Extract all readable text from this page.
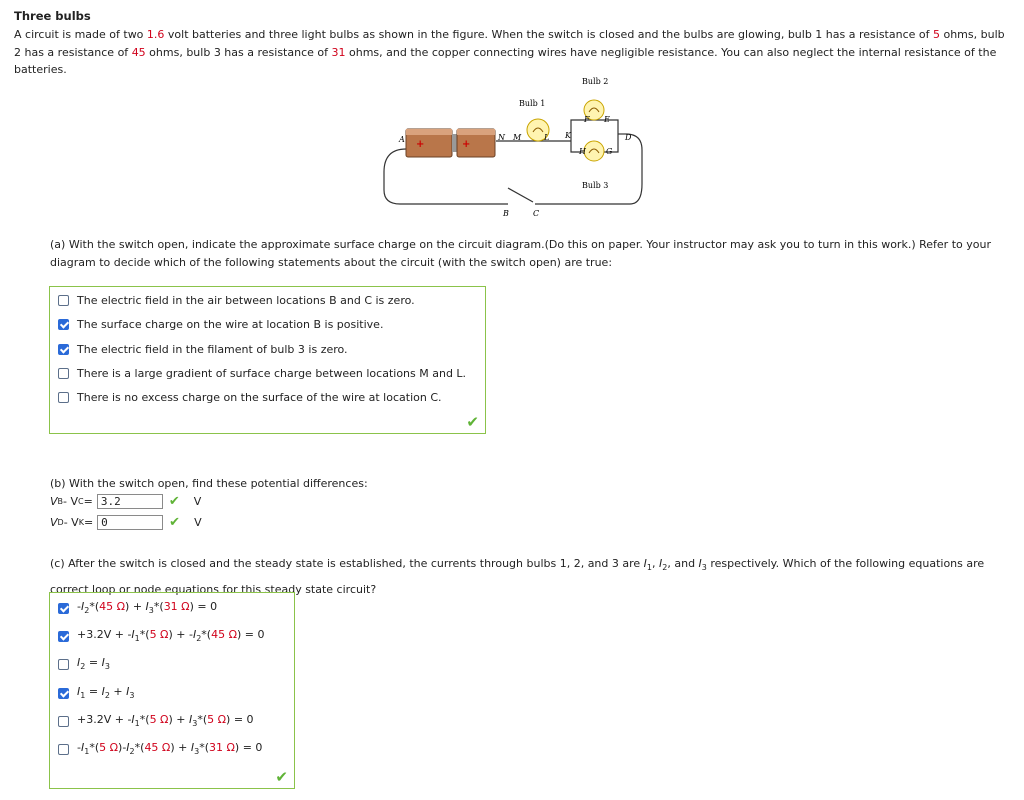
Three bulbs
A circuit is made of two 1.6 volt batteries and three light bulbs as shown in the figure. When the switch is closed and the bulbs are glowing, bulb 1 has a resistance of 5 ohms, bulb 2 has a resistance of 45 ohms, bulb 3 has a resistance of 31 ohms, and the copper connecting wires have negligible resistance. You can also neglect the internal resistance of the batteries.
+	+
Bulb 1
Bulb 2
Bulb 3
A	N M	L K
F E
D
H	G
B	C
(a) With the switch open, indicate the approximate surface charge on the circuit diagram.(Do this on paper. Your instructor may ask you to turn in this work.) Refer to your diagram to decide which of the following statements about the circuit (with the switch open) are true:
The electric field in the air between locations B and C is zero.
The surface charge on the wire at location B is positive.
The electric field in the filament of bulb 3 is zero.
There is a large gradient of surface charge between locations M and L.
There is no excess charge on the surface of the wire at location C.
✔
(b) With the switch open, find these potential differences:
V B - V C = 3.2	✔ V
V D - V K = 0	✔ V
(c) After the switch is closed and the steady state is established, the currents through bulbs 1, 2, and 3 are $I_1$, $I_2$, and $I_3$ respectively. Which of the following equations are correct loop or node equations for this steady state circuit?
$-I_2*(45$ $\Omega) + I_3*(31$ Ω) = 0
$+3.2V + -I_1*(5$ $\Omega) + -I_2*(45$ Ω) = 0
$I_2 = I_3$
$I_1 = I_2 + I_3$
$+3.2V + -I_1*(5$ $\Omega) + I_3*(5$ Ω) = 0
$-I_1*(5$ $\Omega)-I_2*(45$ $\Omega) + I_3*(31$ Ω) = 0
✔
